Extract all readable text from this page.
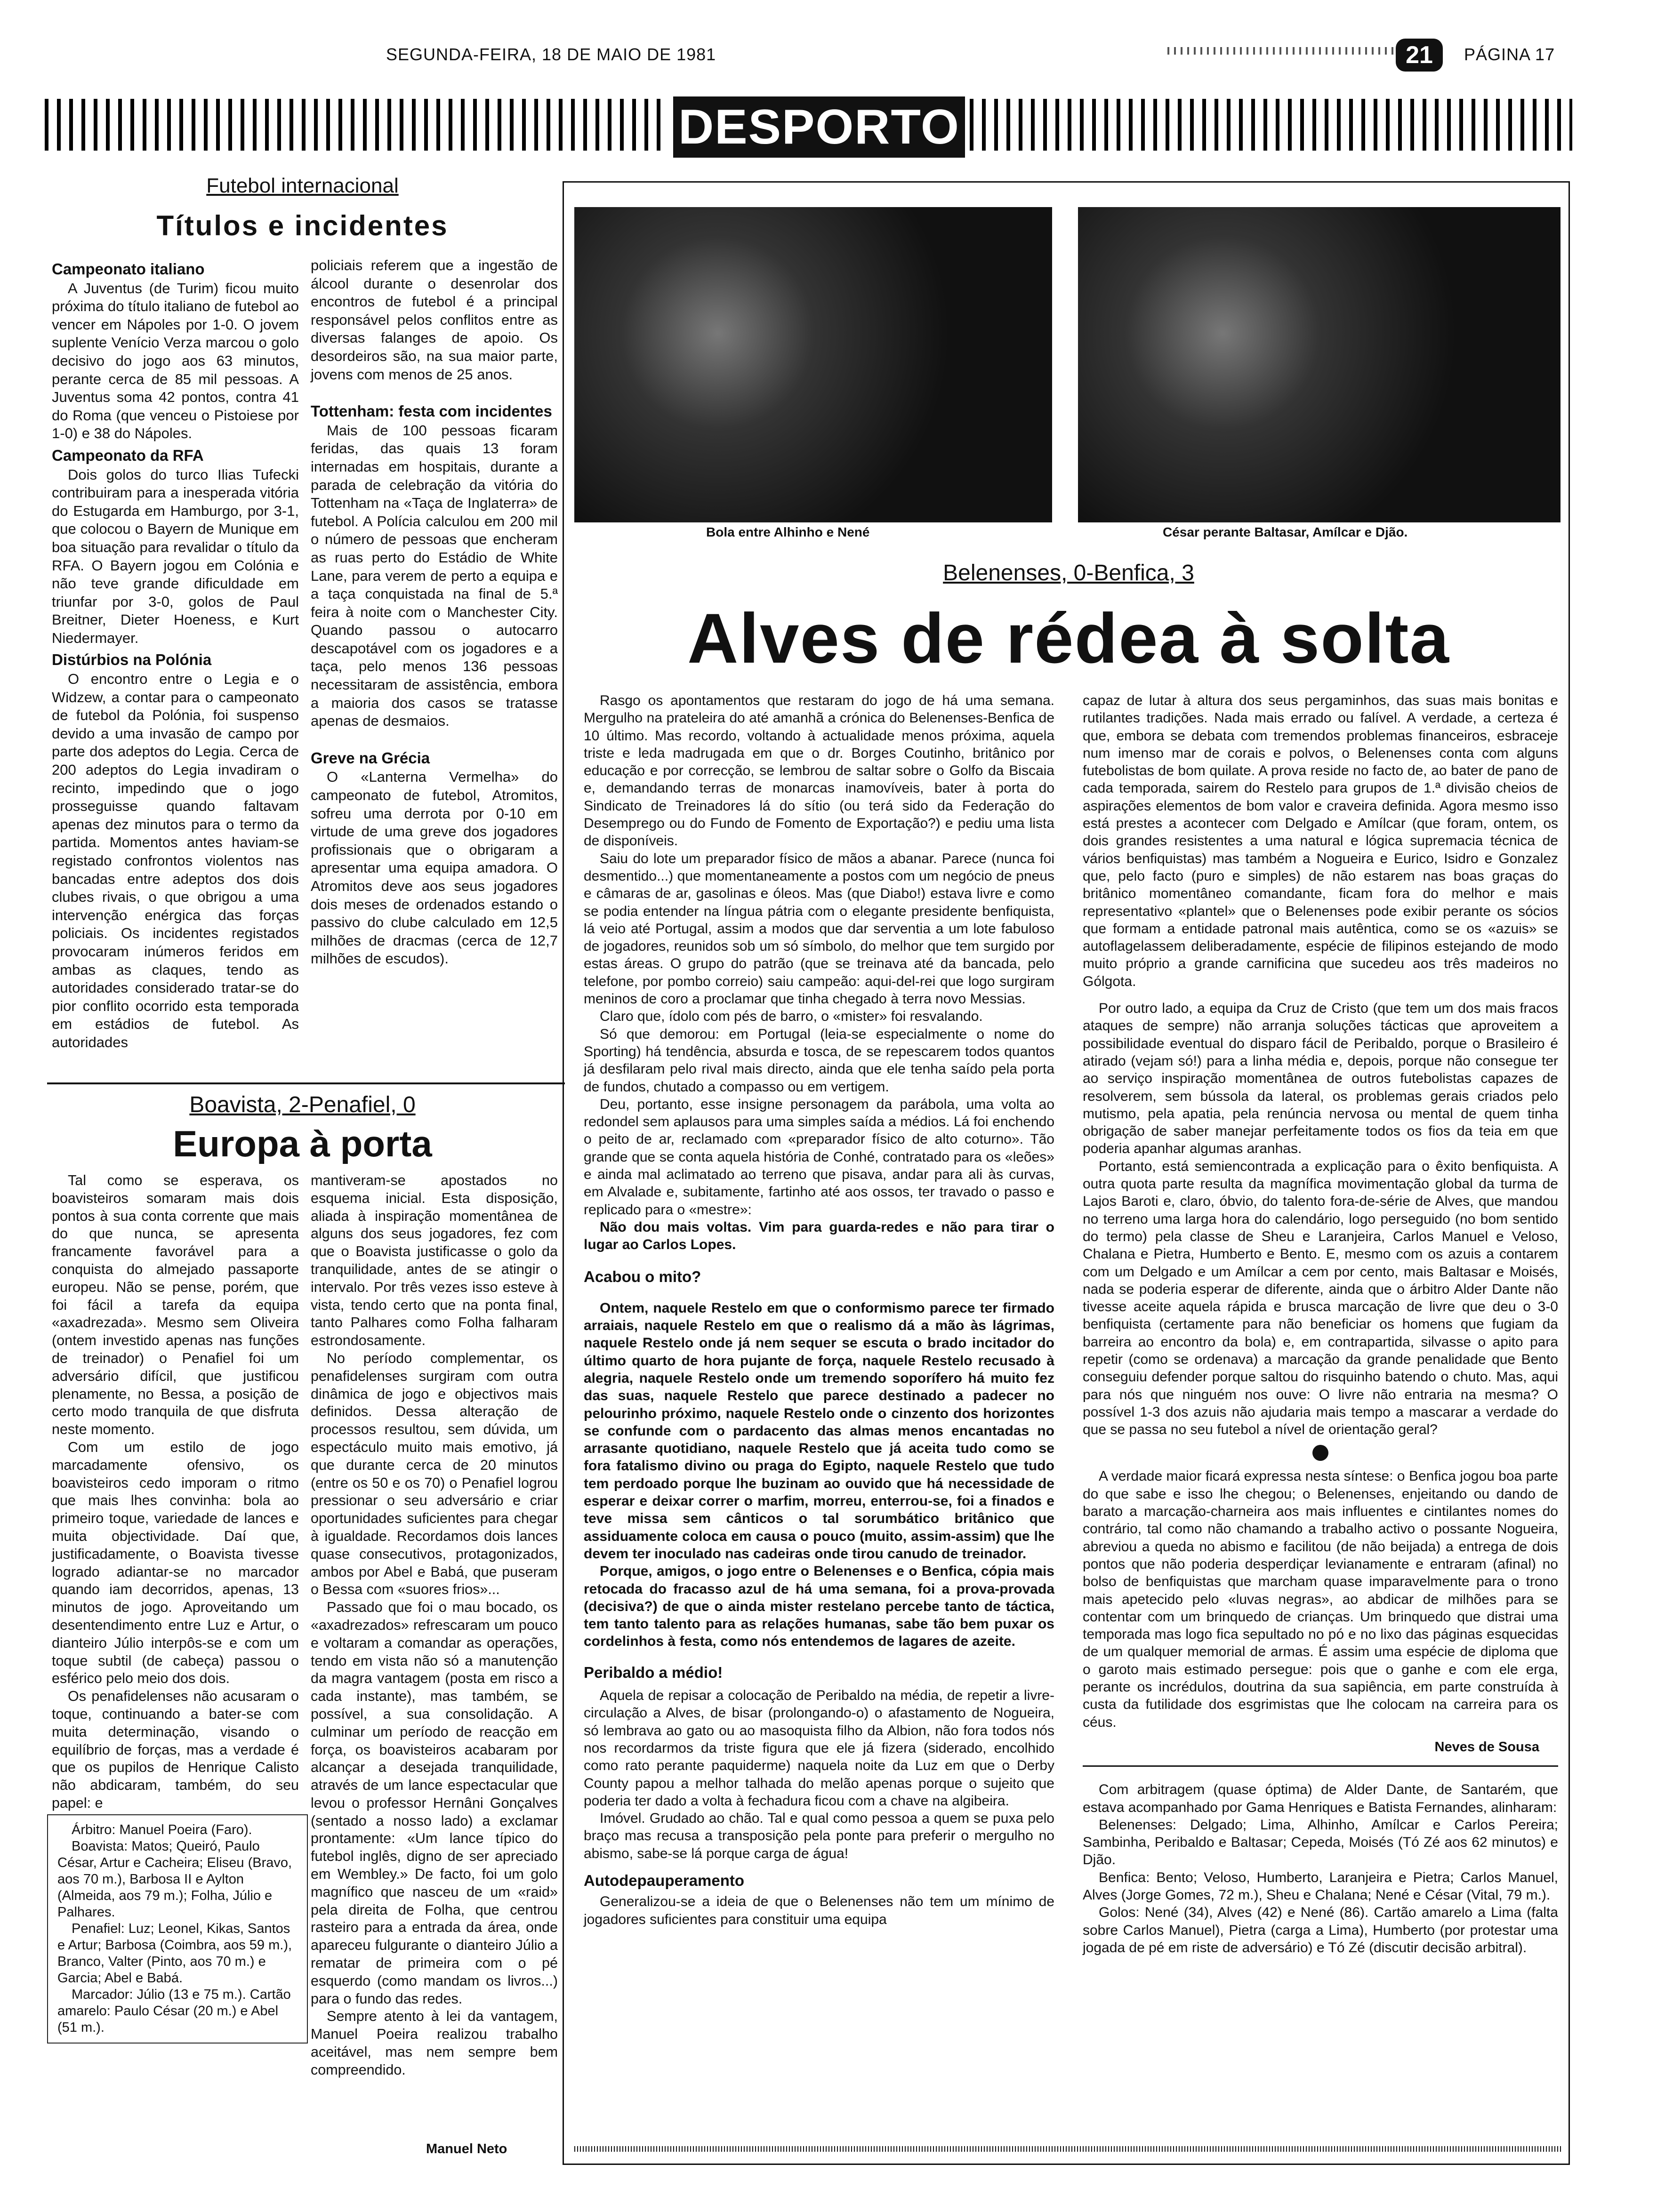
SEGUNDA-FEIRA, 18 DE MAIO DE 1981	21	PÁGINA 17
DESPORTO
Futebol internacional
Títulos e incidentes
Campeonato italiano

A Juventus (de Turim) ficou muito próxima do título italiano de futebol ao vencer em Nápoles por 1-0. O jovem suplente Venício Verza marcou o golo decisivo do jogo aos 63 minutos, perante cerca de 85 mil pessoas. A Juventus soma 42 pontos, contra 41 do Roma (que venceu o Pistoiese por 1-0) e 38 do Nápoles.

Campeonato da RFA

Dois golos do turco Ilias Tufecki contribuiram para a inesperada vitória do Estugarda em Hamburgo, por 3-1, que colocou o Bayern de Munique em boa situação para revalidar o título da RFA. O Bayern jogou em Colónia e não teve grande dificuldade em triunfar por 3-0, golos de Paul Breitner, Dieter Hoeness, e Kurt Niedermayer.

Distúrbios na Polónia

O encontro entre o Legia e o Widzew, a contar para o campeonato de futebol da Polónia, foi suspenso devido a uma invasão de campo por parte dos adeptos do Legia. Cerca de 200 adeptos do Legia invadiram o recinto, impedindo que o jogo prosseguisse quando faltavam apenas dez minutos para o termo da partida. Momentos antes haviam-se registado confrontos violentos nas bancadas entre adeptos dos dois clubes rivais, o que obrigou a uma intervenção enérgica das forças policiais. Os incidentes registados provocaram inúmeros feridos em ambas as claques, tendo as autoridades considerado tratar-se do pior conflito ocorrido esta temporada em estádios de futebol. As autoridades

policiais referem que a ingestão de álcool durante o desenrolar dos encontros de futebol é a principal responsável pelos conflitos entre as diversas falanges de apoio. Os desordeiros são, na sua maior parte, jovens com menos de 25 anos.

Tottenham: festa com incidentes

Mais de 100 pessoas ficaram feridas, das quais 13 foram internadas em hospitais, durante a parada de celebração da vitória do Tottenham na «Taça de Inglaterra» de futebol. A Polícia calculou em 200 mil o número de pessoas que encheram as ruas perto do Estádio de White Lane, para verem de perto a equipa e a taça conquistada na final de 5.ª feira à noite com o Manchester City. Quando passou o autocarro descapotável com os jogadores e a taça, pelo menos 136 pessoas necessitaram de assistência, embora a maioria dos casos se tratasse apenas de desmaios.

Greve na Grécia

O «Lanterna Vermelha» do campeonato de futebol, Atromitos, sofreu uma derrota por 0-10 em virtude de uma greve dos jogadores profissionais que o obrigaram a apresentar uma equipa amadora. O Atromitos deve aos seus jogadores dois meses de ordenados estando o passivo do clube calculado em 12,5 milhões de dracmas (cerca de 12,7 milhões de escudos).

Boavista, 2-Penafiel, 0
Europa à porta

Tal como se esperava, os boavisteiros somaram mais dois pontos à sua conta corrente que mais do que nunca, se apresenta francamente favorável para a conquista do almejado passaporte europeu. Não se pense, porém, que foi fácil a tarefa da equipa «axadrezada». Mesmo sem Oliveira (ontem investido apenas nas funções de treinador) o Penafiel foi um adversário difícil, que justificou plenamente, no Bessa, a posição de certo modo tranquila de que disfruta neste momento.

Com um estilo de jogo marcadamente ofensivo, os boavisteiros cedo imporam o ritmo que mais lhes convinha: bola ao primeiro toque, variedade de lances e muita objectividade. Daí que, justificadamente, o Boavista tivesse logrado adiantar-se no marcador quando iam decorridos, apenas, 13 minutos de jogo. Aproveitando um desentendimento entre Luz e Artur, o dianteiro Júlio interpôs-se e com um toque subtil (de cabeça) passou o esférico pelo meio dos dois.

Os penafidelenses não acusaram o toque, continuando a bater-se com muita determinação, visando o equilíbrio de forças, mas a verdade é que os pupilos de Henrique Calisto não abdicaram, também, do seu papel: e

Árbitro: Manuel Poeira (Faro).

Boavista: Matos; Queiró, Paulo César, Artur e Cacheira; Eliseu (Bravo, aos 70 m.), Barbosa II e Aylton (Almeida, aos 79 m.); Folha, Júlio e Palhares.

Penafiel: Luz; Leonel, Kikas, Santos e Artur; Barbosa (Coimbra, aos 59 m.), Branco, Valter (Pinto, aos 70 m.) e Garcia; Abel e Babá.

Marcador: Júlio (13 e 75 m.). Cartão amarelo: Paulo César (20 m.) e Abel (51 m.).

mantiveram-se apostados no esquema inicial. Esta disposição, aliada à inspiração momentânea de alguns dos seus jogadores, fez com que o Boavista justificasse o golo da tranquilidade, antes de se atingir o intervalo. Por três vezes isso esteve à vista, tendo certo que na ponta final, tanto Palhares como Folha falharam estrondosamente.

No período complementar, os penafidelenses surgiram com outra dinâmica de jogo e objectivos mais definidos. Dessa alteração de processos resultou, sem dúvida, um espectáculo muito mais emotivo, já que durante cerca de 20 minutos (entre os 50 e os 70) o Penafiel logrou pressionar o seu adversário e criar oportunidades suficientes para chegar à igualdade. Recordamos dois lances quase consecutivos, protagonizados, ambos por Abel e Babá, que puseram o Bessa com «suores frios»...

Passado que foi o mau bocado, os «axadrezados» refrescaram um pouco e voltaram a comandar as operações, tendo em vista não só a manutenção da magra vantagem (posta em risco a cada instante), mas também, se possível, a sua consolidação. A culminar um período de reacção em força, os boavisteiros acabaram por alcançar a desejada tranquilidade, através de um lance espectacular que levou o professor Hernâni Gonçalves (sentado a nosso lado) a exclamar prontamente: «Um lance típico do futebol inglês, digno de ser apreciado em Wembley.» De facto, foi um golo magnífico que nasceu de um «raid» pela direita de Folha, que centrou rasteiro para a entrada da área, onde apareceu fulgurante o dianteiro Júlio a rematar de primeira com o pé esquerdo (como mandam os livros...) para o fundo das redes.

Sempre atento à lei da vantagem, Manuel Poeira realizou trabalho aceitável, mas nem sempre bem compreendido.

Manuel Neto
Bola entre Alhinho e Nené	César perante Baltasar, Amílcar e Djão.
Belenenses, 0-Benfica, 3
Alves de rédea à solta

Rasgo os apontamentos que restaram do jogo de há uma semana. Mergulho na prateleira do até amanhã a crónica do Belenenses-Benfica de 10 último. Mas recordo, voltando à actualidade menos próxima, aquela triste e leda madrugada em que o dr. Borges Coutinho, britânico por educação e por correcção, se lembrou de saltar sobre o Golfo da Biscaia e, demandando terras de monarcas inamovíveis, bater à porta do Sindicato de Treinadores lá do sítio (ou terá sido da Federação do Desemprego ou do Fundo de Fomento de Exportação?) e pediu uma lista de disponíveis.

Saiu do lote um preparador físico de mãos a abanar. Parece (nunca foi desmentido...) que momentaneamente a postos com um negócio de pneus e câmaras de ar, gasolinas e óleos. Mas (que Diabo!) estava livre e como se podia entender na língua pátria com o elegante presidente benfiquista, lá veio até Portugal, assim a modos que dar serventia a um lote fabuloso de jogadores, reunidos sob um só símbolo, do melhor que tem surgido por estas áreas. O grupo do patrão (que se treinava até da bancada, pelo telefone, por pombo correio) saiu campeão: aqui-del-rei que logo surgiram meninos de coro a proclamar que tinha chegado à terra novo Messias.

Claro que, ídolo com pés de barro, o «mister» foi resvalando.

Só que demorou: em Portugal (leia-se especialmente o nome do Sporting) há tendência, absurda e tosca, de se repescarem todos quantos já desfilaram pelo rival mais directo, ainda que ele tenha saído pela porta de fundos, chutado a compasso ou em vertigem.

Deu, portanto, esse insigne personagem da parábola, uma volta ao redondel sem aplausos para uma simples saída a médios. Lá foi enchendo o peito de ar, reclamado com «preparador físico de alto coturno». Tão grande que se conta aquela história de Conhé, contratado para os «leões» e ainda mal aclimatado ao terreno que pisava, andar para ali às curvas, em Alvalade e, subitamente, fartinho até aos ossos, ter travado o passo e replicado para o «mestre»:

Não dou mais voltas. Vim para guarda-redes e não para tirar o lugar ao Carlos Lopes.

Acabou o mito?

Ontem, naquele Restelo em que o conformismo parece ter firmado arraiais, naquele Restelo em que o realismo dá a mão às lágrimas, naquele Restelo onde já nem sequer se escuta o brado incitador do último quarto de hora pujante de força, naquele Restelo recusado à alegria, naquele Restelo onde um tremendo soporífero há muito fez das suas, naquele Restelo que parece destinado a padecer no pelourinho próximo, naquele Restelo onde o cinzento dos horizontes se confunde com o pardacento das almas menos encantadas no arrasante quotidiano, naquele Restelo que já aceita tudo como se fora fatalismo divino ou praga do Egipto, naquele Restelo que tudo tem perdoado porque lhe buzinam ao ouvido que há necessidade de esperar e deixar correr o marfim, morreu, enterrou-se, foi a finados e teve missa sem cânticos o tal sorumbático britânico que assiduamente coloca em causa o pouco (muito, assim-assim) que lhe devem ter inoculado nas cadeiras onde tirou canudo de treinador.

Porque, amigos, o jogo entre o Belenenses e o Benfica, cópia mais retocada do fracasso azul de há uma semana, foi a prova-provada (decisiva?) de que o ainda mister restelano percebe tanto de táctica, tem tanto talento para as relações humanas, sabe tão bem puxar os cordelinhos à festa, como nós entendemos de lagares de azeite.

Peribaldo a médio!

Aquela de repisar a colocação de Peribaldo na média, de repetir a livre-circulação a Alves, de bisar (prolongando-o) o afastamento de Nogueira, só lembrava ao gato ou ao masoquista filho da Albion, não fora todos nós nos recordarmos da triste figura que ele já fizera (siderado, encolhido como rato perante paquiderme) naquela noite da Luz em que o Derby County papou a melhor talhada do melão apenas porque o sujeito que poderia ter dado a volta à fechadura ficou com a chave na algibeira.

Imóvel. Grudado ao chão. Tal e qual como pessoa a quem se puxa pelo braço mas recusa a transposição pela ponte para preferir o mergulho no abismo, sabe-se lá porque carga de água!

Autodepauperamento

Generalizou-se a ideia de que o Belenenses não tem um mínimo de jogadores suficientes para constituir uma equipa

capaz de lutar à altura dos seus pergaminhos, das suas mais bonitas e rutilantes tradições. Nada mais errado ou falível. A verdade, a certeza é que, embora se debata com tremendos problemas financeiros, esbraceje num imenso mar de corais e polvos, o Belenenses conta com alguns futebolistas de bom quilate. A prova reside no facto de, ao bater de pano de cada temporada, sairem do Restelo para grupos de 1.ª divisão cheios de aspirações elementos de bom valor e craveira definida. Agora mesmo isso está prestes a acontecer com Delgado e Amílcar (que foram, ontem, os dois grandes resistentes a uma natural e lógica supremacia técnica de vários benfiquistas) mas também a Nogueira e Eurico, Isidro e Gonzalez que, pelo facto (puro e simples) de não estarem nas boas graças do britânico momentâneo comandante, ficam fora do melhor e mais representativo «plantel» que o Belenenses pode exibir perante os sócios que formam a entidade patronal mais autêntica, como se os «azuis» se autoflagelassem deliberadamente, espécie de filipinos estejando de modo muito próprio a grande carnificina que sucedeu aos três madeiros no Gólgota.

Por outro lado, a equipa da Cruz de Cristo (que tem um dos mais fracos ataques de sempre) não arranja soluções tácticas que aproveitem a possibilidade eventual do disparo fácil de Peribaldo, porque o Brasileiro é atirado (vejam só!) para a linha média e, depois, porque não consegue ter ao serviço inspiração momentânea de outros futebolistas capazes de resolverem, sem bússola da lateral, os problemas gerais criados pelo mutismo, pela apatia, pela renúncia nervosa ou mental de quem tinha obrigação de saber manejar perfeitamente todos os fios da teia em que poderia apanhar algumas aranhas.

Portanto, está semiencontrada a explicação para o êxito benfiquista. A outra quota parte resulta da magnífica movimentação global da turma de Lajos Baroti e, claro, óbvio, do talento fora-de-série de Alves, que mandou no terreno uma larga hora do calendário, logo perseguido (no bom sentido do termo) pela classe de Sheu e Laranjeira, Carlos Manuel e Veloso, Chalana e Pietra, Humberto e Bento. E, mesmo com os azuis a contarem com um Delgado e um Amílcar a cem por cento, mais Baltasar e Moisés, nada se poderia esperar de diferente, ainda que o árbitro Alder Dante não tivesse aceite aquela rápida e brusca marcação de livre que deu o 3-0 benfiquista (certamente para não beneficiar os homens que fugiam da barreira ao encontro da bola) e, em contrapartida, silvasse o apito para repetir (como se ordenava) a marcação da grande penalidade que Bento conseguiu defender porque saltou do risquinho batendo o chuto. Mas, aqui para nós que ninguém nos ouve: O livre não entraria na mesma? O possível 1-3 dos azuis não ajudaria mais tempo a mascarar a verdade do que se passa no seu futebol a nível de orientação geral?

A verdade maior ficará expressa nesta síntese: o Benfica jogou boa parte do que sabe e isso lhe chegou; o Belenenses, enjeitando ou dando de barato a marcação-charneira aos mais influentes e cintilantes nomes do contrário, tal como não chamando a trabalho activo o possante Nogueira, abreviou a queda no abismo e facilitou (de não beijada) a entrega de dois pontos que não poderia desperdiçar levianamente e entraram (afinal) no bolso de benfiquistas que marcham quase imparavelmente para o trono mais apetecido pelo «luvas negras», ao abdicar de milhões para se contentar com um brinquedo de crianças. Um brinquedo que distrai uma temporada mas logo fica sepultado no pó e no lixo das páginas esquecidas de um qualquer memorial de armas. É assim uma espécie de diploma que o garoto mais estimado persegue: pois que o ganhe e com ele erga, perante os incrédulos, doutrina da sua sapiência, em parte construída à custa da futilidade dos esgrimistas que lhe colocam na carreira para os céus.

Neves de Sousa

Com arbitragem (quase óptima) de Alder Dante, de Santarém, que estava acompanhado por Gama Henriques e Batista Fernandes, alinharam:

Belenenses: Delgado; Lima, Alhinho, Amílcar e Carlos Pereira; Sambinha, Peribaldo e Baltasar; Cepeda, Moisés (Tó Zé aos 62 minutos) e Djão.

Benfica: Bento; Veloso, Humberto, Laranjeira e Pietra; Carlos Manuel, Alves (Jorge Gomes, 72 m.), Sheu e Chalana; Nené e César (Vital, 79 m.).

Golos: Nené (34), Alves (42) e Nené (86). Cartão amarelo a Lima (falta sobre Carlos Manuel), Pietra (carga a Lima), Humberto (por protestar uma jogada de pé em riste de adversário) e Tó Zé (discutir decisão arbitral).
